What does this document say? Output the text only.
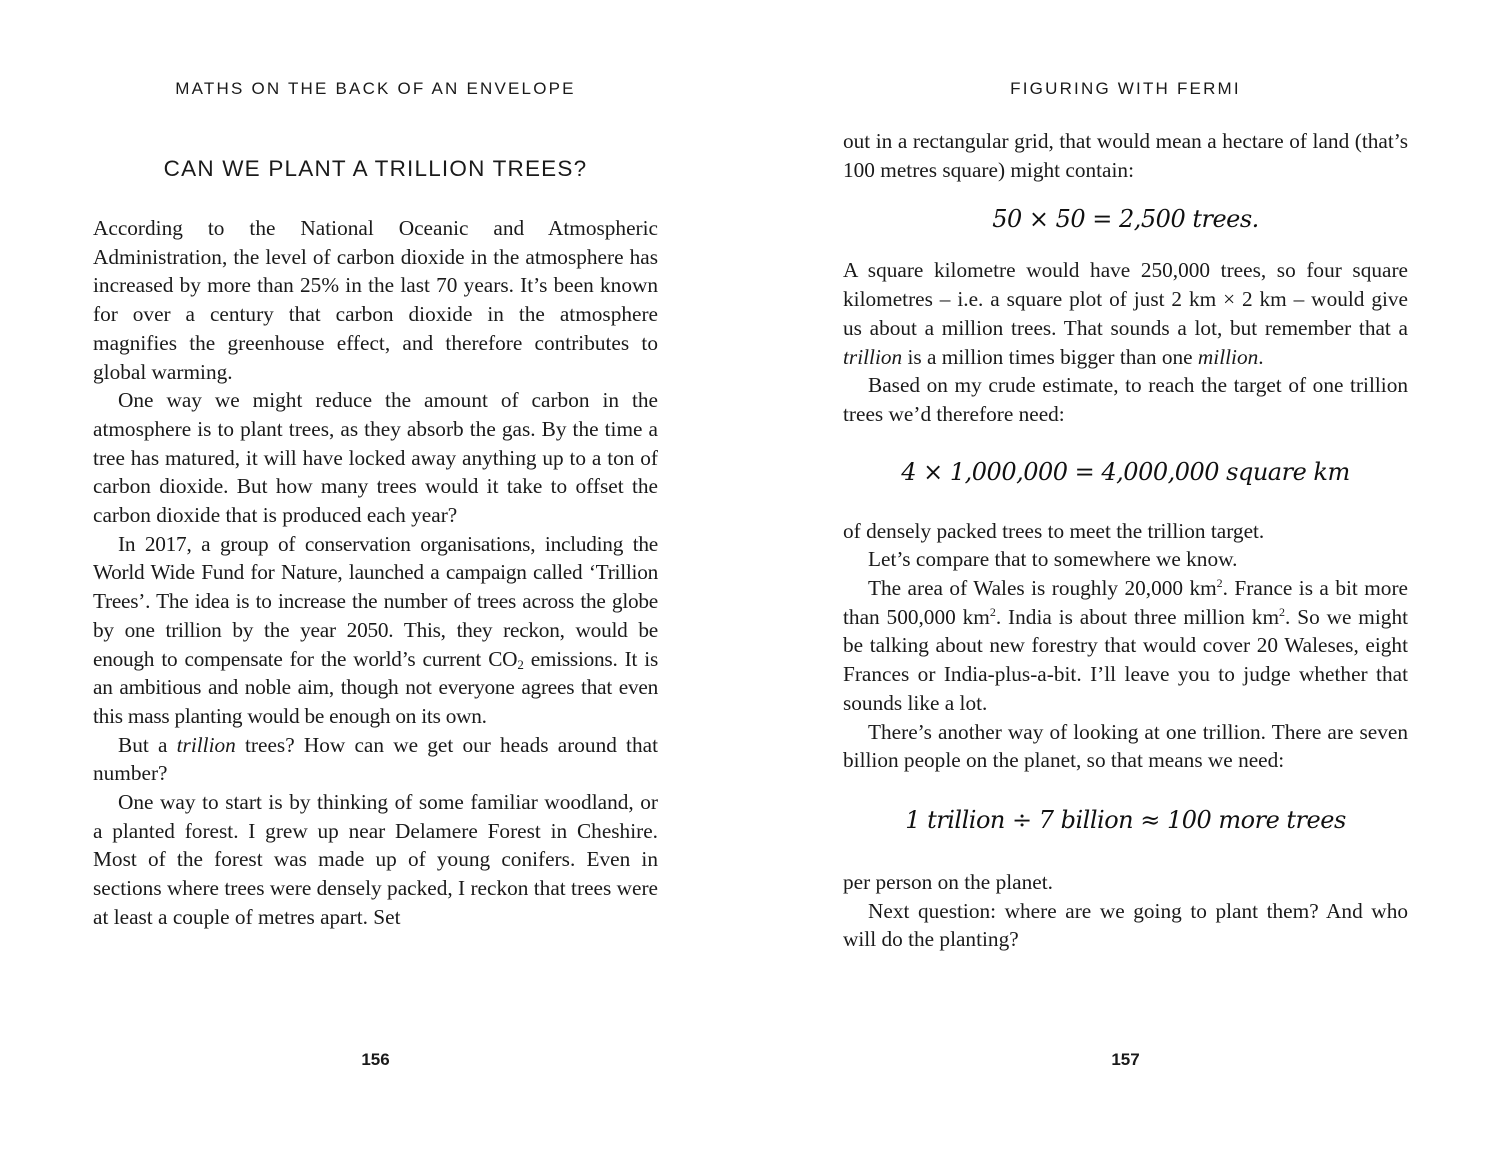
MATHS ON THE BACK OF AN ENVELOPE
CAN WE PLANT A TRILLION TREES?

According to the National Oceanic and Atmospheric Administration, the level of carbon dioxide in the atmosphere has increased by more than 25% in the last 70 years. It’s been known for over a century that carbon dioxide in the atmosphere magnifies the greenhouse effect, and therefore contributes to global warming.

One way we might reduce the amount of carbon in the atmosphere is to plant trees, as they absorb the gas. By the time a tree has matured, it will have locked away anything up to a ton of carbon dioxide. But how many trees would it take to offset the carbon dioxide that is produced each year?

In 2017, a group of conservation organisations, including the World Wide Fund for Nature, launched a campaign called ‘Trillion Trees’. The idea is to increase the number of trees across the globe by one trillion by the year 2050. This, they reckon, would be enough to compensate for the world’s current $CO_2$ emissions. It is an ambitious and noble aim, though not everyone agrees that even this mass planting would be enough on its own.

But a trillion trees? How can we get our heads around that number?

One way to start is by thinking of some familiar woodland, or a planted forest. I grew up near Delamere Forest in Cheshire. Most of the forest was made up of young conifers. Even in sections where trees were densely packed, I reckon that trees were at least a couple of metres apart. Set

156
FIGURING WITH FERMI

out in a rectangular grid, that would mean a hectare of land (that’s 100 metres square) might contain:

50 × 50 = 2,500 trees.

A square kilometre would have 250,000 trees, so four square kilometres – i.e. a square plot of just 2 km × 2 km – would give us about a million trees. That sounds a lot, but remember that a trillion is a million times bigger than one million.

Based on my crude estimate, to reach the target of one trillion trees we’d therefore need:

4 × 1,000,000 = 4,000,000 square km

of densely packed trees to meet the trillion target.

Let’s compare that to somewhere we know.

The area of Wales is roughly 20,000 $km^2$. France is a bit more than 500,000 $km^2$. India is about three million $km^2$. So we might be talking about new forestry that would cover 20 Waleses, eight Frances or India-plus-a-bit. I’ll leave you to judge whether that sounds like a lot.

There’s another way of looking at one trillion. There are seven billion people on the planet, so that means we need:

1 trillion ÷ 7 billion ≈ 100 more trees

per person on the planet.

Next question: where are we going to plant them? And who will do the planting?

157
